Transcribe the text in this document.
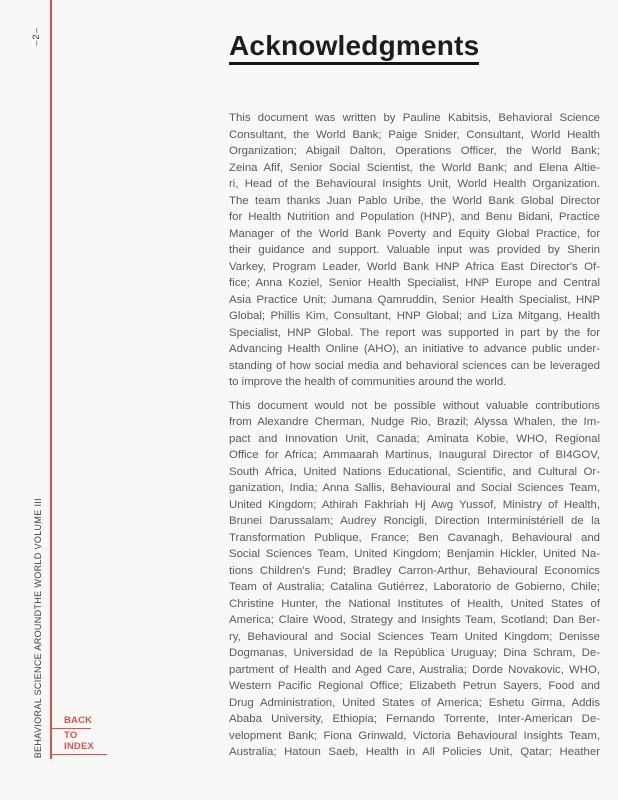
–2–
BEHAVIORAL SCIENCE AROUNDTHE WORLD VOLUME III	BACK
TO INDEX
Acknowledgments
This document was written by Pauline Kabitsis, Behavioral Science
Consultant, the World Bank; Paige Snider, Consultant, World Health
Organization; Abigail Dalton, Operations Officer, the World Bank;
Zeina Afif, Senior Social Scientist, the World Bank; and Elena Altie-
ri, Head of the Behavioural Insights Unit, World Health Organization.
The team thanks Juan Pablo Uribe, the World Bank Global Director
for Health Nutrition and Population (HNP), and Benu Bidani, Practice
Manager of the World Bank Poverty and Equity Global Practice, for
their guidance and support. Valuable input was provided by Sherin
Varkey, Program Leader, World Bank HNP Africa East Director's Of-
fice; Anna Koziel, Senior Health Specialist, HNP Europe and Central
Asia Practice Unit; Jumana Qamruddin, Senior Health Specialist, HNP
Global; Phillis Kim, Consultant, HNP Global; and Liza Mitgang, Health
Specialist, HNP Global. The report was supported in part by the for
Advancing Health Online (AHO), an initiative to advance public under-
standing of how social media and behavioral sciences can be leveraged
to improve the health of communities around the world.
This document would not be possible without valuable contributions
from Alexandre Cherman, Nudge Rio, Brazil; Alyssa Whalen, the Im-
pact and Innovation Unit, Canada; Aminata Kobie, WHO, Regional
Office for Africa; Ammaarah Martinus, Inaugural Director of BI4GOV,
South Africa, United Nations Educational, Scientific, and Cultural Or-
ganization, India; Anna Sallis, Behavioural and Social Sciences Team,
United Kingdom; Athirah Fakhriah Hj Awg Yussof, Ministry of Health,
Brunei Darussalam; Audrey Roncigli, Direction Interministériell de la
Transformation Publique, France; Ben Cavanagh, Behavioural and
Social Sciences Team, United Kingdom; Benjamin Hickler, United Na-
tions Children's Fund; Bradley Carron-Arthur, Behavioural Economics
Team of Australia; Catalina Gutiérrez, Laboratorio de Gobierno, Chile;
Christine Hunter, the National Institutes of Health, United States of
America; Claire Wood, Strategy and Insights Team, Scotland; Dan Ber-
ry, Behavioural and Social Sciences Team United Kingdom; Denisse
Dogmanas, Universidad de la República Uruguay; Dina Schram, De-
partment of Health and Aged Care, Australia; Dorde Novakovic, WHO,
Western Pacific Regional Office; Elizabeth Petrun Sayers, Food and
Drug Administration, United States of America; Eshetu Girma, Addis
Ababa University, Ethiopia; Fernando Torrente, Inter-American De-
velopment Bank; Fiona Grinwald, Victoria Behavioural Insights Team,
Australia; Hatoun Saeb, Health in All Policies Unit, Qatar; Heather
